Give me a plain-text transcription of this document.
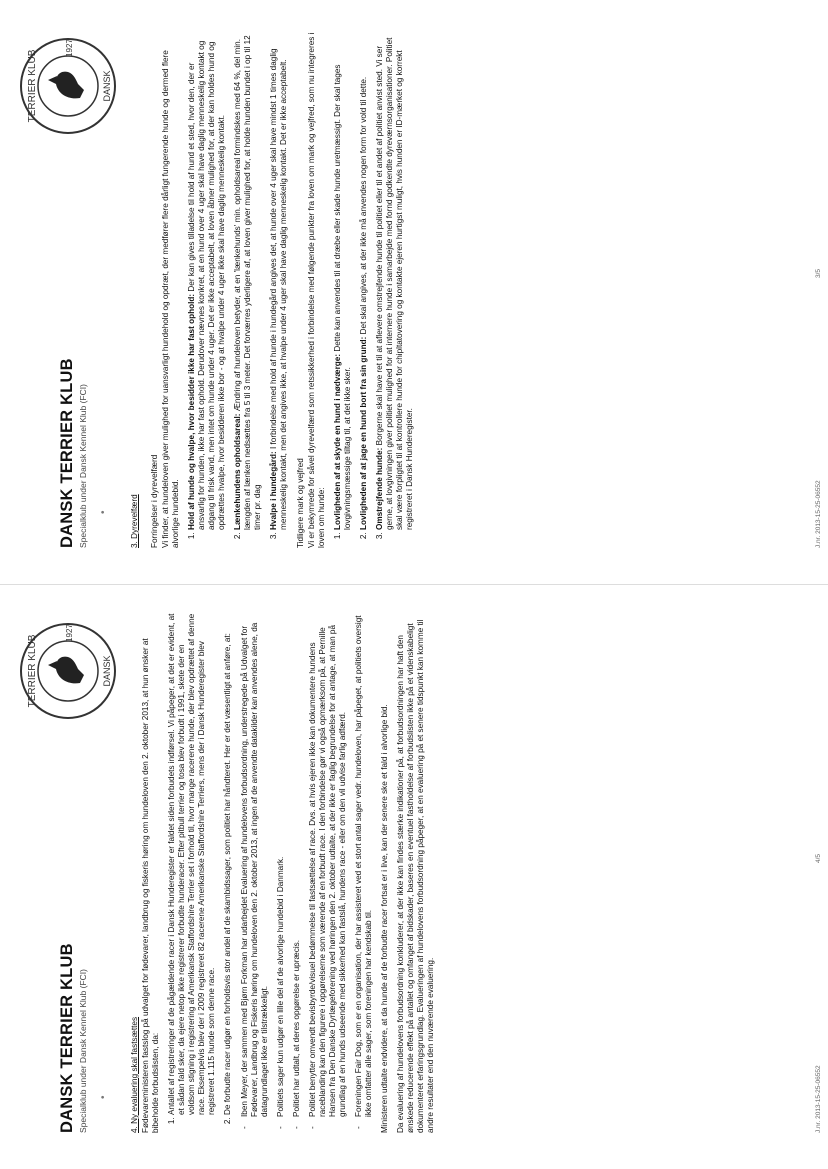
DANSK TERRIER KLUB Specialklub under Dansk Kennel Klub (FCI) •
TERRIER KLUB	DANSK
1927

3. Dyrevelfærd Forringelser i dyrevelfærd Vi finder, at hundeloven giver mulighed for uansvarligt hundehold og opdræt, der medfører flere dårligt fungerende hunde og dermed flere alvorlige hundebid. 1. Hold af hunde og hvalpe, hvor besidder ikke har fast ophold: Der kan gives tilladelse til hold af hund et sted, hvor den, der er ansvarlig for hunden, ikke har fast ophold. Derudover nævnes konkret, at en hund over 4 uger skal have daglig menneskelig kontakt og adgang til frisk vand, men intet om hunde under 4 uger. Det er ikke acceptabelt, at loven åbner mulighed for, at der kan holdes hund og opdrættes hvalpe, hvor besidderen ikke bor - og at hvalpe under 4 uger ikke skal have daglig menneskelig kontakt. 2. Lænkehundens opholdsareal: Ændring af hundeloven betyder, at en 'lænkehunds' min. opholdsareal formindskes med 64 %, del min. længden af lænken nedsættes fra 5 til 3 meter. Det forværres yderligere af, at loven giver mulighed for, at holde hunden bundet i op til 12 timer pr. dag 3. Hvalpe i hundegård: I forbindelse med hold af hunde i hundegård angives det, at hunde over 4 uger skal have mindst 1 times daglig menneskelig kontakt, men det angives ikke, at hvalpe under 4 uger skal have daglig menneskelig kontakt. Det er ikke acceptabelt. Tidligere mark og vejfred Vi er bekymrede for såvel dyrevelfærd som retssikkerhed i forbindelse med følgende punkter fra loven om mark og vejfred, som nu integreres i loven om hunde: 1. Lovligheden af at skyde en hund i nødværge: Dette kan anvendes til at dræbe eller skade hunde uretmæssigt. Der skal tages lovgivningsmæssige tiltag til, at det ikke sker. 2. Lovligheden af at jage en hund bort fra sin grund: Det skal angives, at der ikke må anvendes nogen form for vold til dette.
3. Omstrejfende hunde: Borgerne skal have ret til at aflevere omstrejfende hunde til politiet eller til et andet af politiet anvist sted. Vi ser gerne, at lovgivningen giver politiet mulighed for at internere hunde i samarbejde med fornd godkendte dyreværnsorganisationer. Politiet skal være forpligtet til at kontrollere hunde for chipltatovering og kontakte ejeren hurtigst muligt, hvis hunden er ID-mærket og korrekt registreret i Dansk Hunderegister.	J.nr. 2013-15-25-06552
3/5
DANSK TERRIER KLUB Specialklub under Dansk Kennel Klub (FCI) •
TERRIER KLUB	DANSK
1927

4. Ny evaluering skal fastsættes Fødevareministeren fastslog på udvalget for fødevarer, landbrug og fiskeris høring om hundeloven den 2. oktober 2013, at hun ønsker at bibeholde forbudslisten, da: 1. Antallet af registreringer af de pågældende racer i Dansk Hunderegister er faldet siden forbudets indførsel. Vi påpeger, at det er evident, at et sådan fald sker, da ejere netop ikke registrerer forbudte hunderacer. Efter pitbull terrier og tosa blev forbudt i 1991, skete der en voldsom stigning i registrering af Amerikansk Staffordshire Terrier set i forhold til, hvor mange racerene hunde, der blev opdrættet af denne race. Eksempelvis blev der i 2009 registreret 82 racerene Amerikanske Staffordshire Terriers, mens der i Dansk Hunderegister blev registreret 1.115 hunde som denne race. 2. De forbudte racer udgør en forholdsvis stor andel af de skambidssager, som politiet har håndteret. Her er det væsentligt at anføre, at: - Iben Meyer, der sammen med Bjørn Forkman har udarbejdet Evaluering af hundelovens forbudsordning, understregede på Udvalget for Fødevarer, Landbrug og Fiskeris høring om hundeloven den 2. oktober 2013, at ingen af de anvendte datakilder kan anvendes alene, da datagrundlaget ikke er tilstrækkeligt. - Politiets sager kun udgør en lille del af de alvorlige hundebid i Danmark. - Politiet har udtalt, at deres opgørelse er upræcis. - Politiet benytter omvendt bevisbyrde/visuel bedømmelse til fastsættelse af race. Dvs. at hvis ejeren ikke kan dokumentere hundens raceblanding kan den figurere i opgørelserne som værende af en forbudt race. I den forbindelse gør vi også opmærksom på, at Pernille Hansen fra Den Danske Dyrlægeforening ved høringen den 2. oktober udtalte, at der ikke er faglig begrundelse for at antage, at man på grundlag af en hunds udseende med sikkerhed kan fastslå, hundens race - eller om den vil udvise farlig adfærd. - Foreningen Fair Dog, som er en organisation, der har assisteret ved et stort antal sager vedr. hundeloven, har påpeget, at politiets oversigt ikke omfatter alle sager, som foreningen har kendskab til. Ministeren udtalte endvidere, at da hunde af de forbudte racer fortsat er i live, kan der senere ske et fald i alvorlige bid. Da evaluering af hundelovens forbudsordning konkluderer, at der ikke kan findes stærke indikationer på, at forbudsordningen har haft den ønskede reducerende effekt på antallet og omfanget af bidskader, baseres en eventuel fastholdelse af forbudslisten ikke på et videnskabeligt dokumenteret erfaringsgrundlag. Evalueringen af hundelovens forbudsordning påpeger, at en evaluering på et senere tidspunkt kan komme til andre resultater end den nuværende evaluering.	J.nr. 2013-15-25-06552
4/5
